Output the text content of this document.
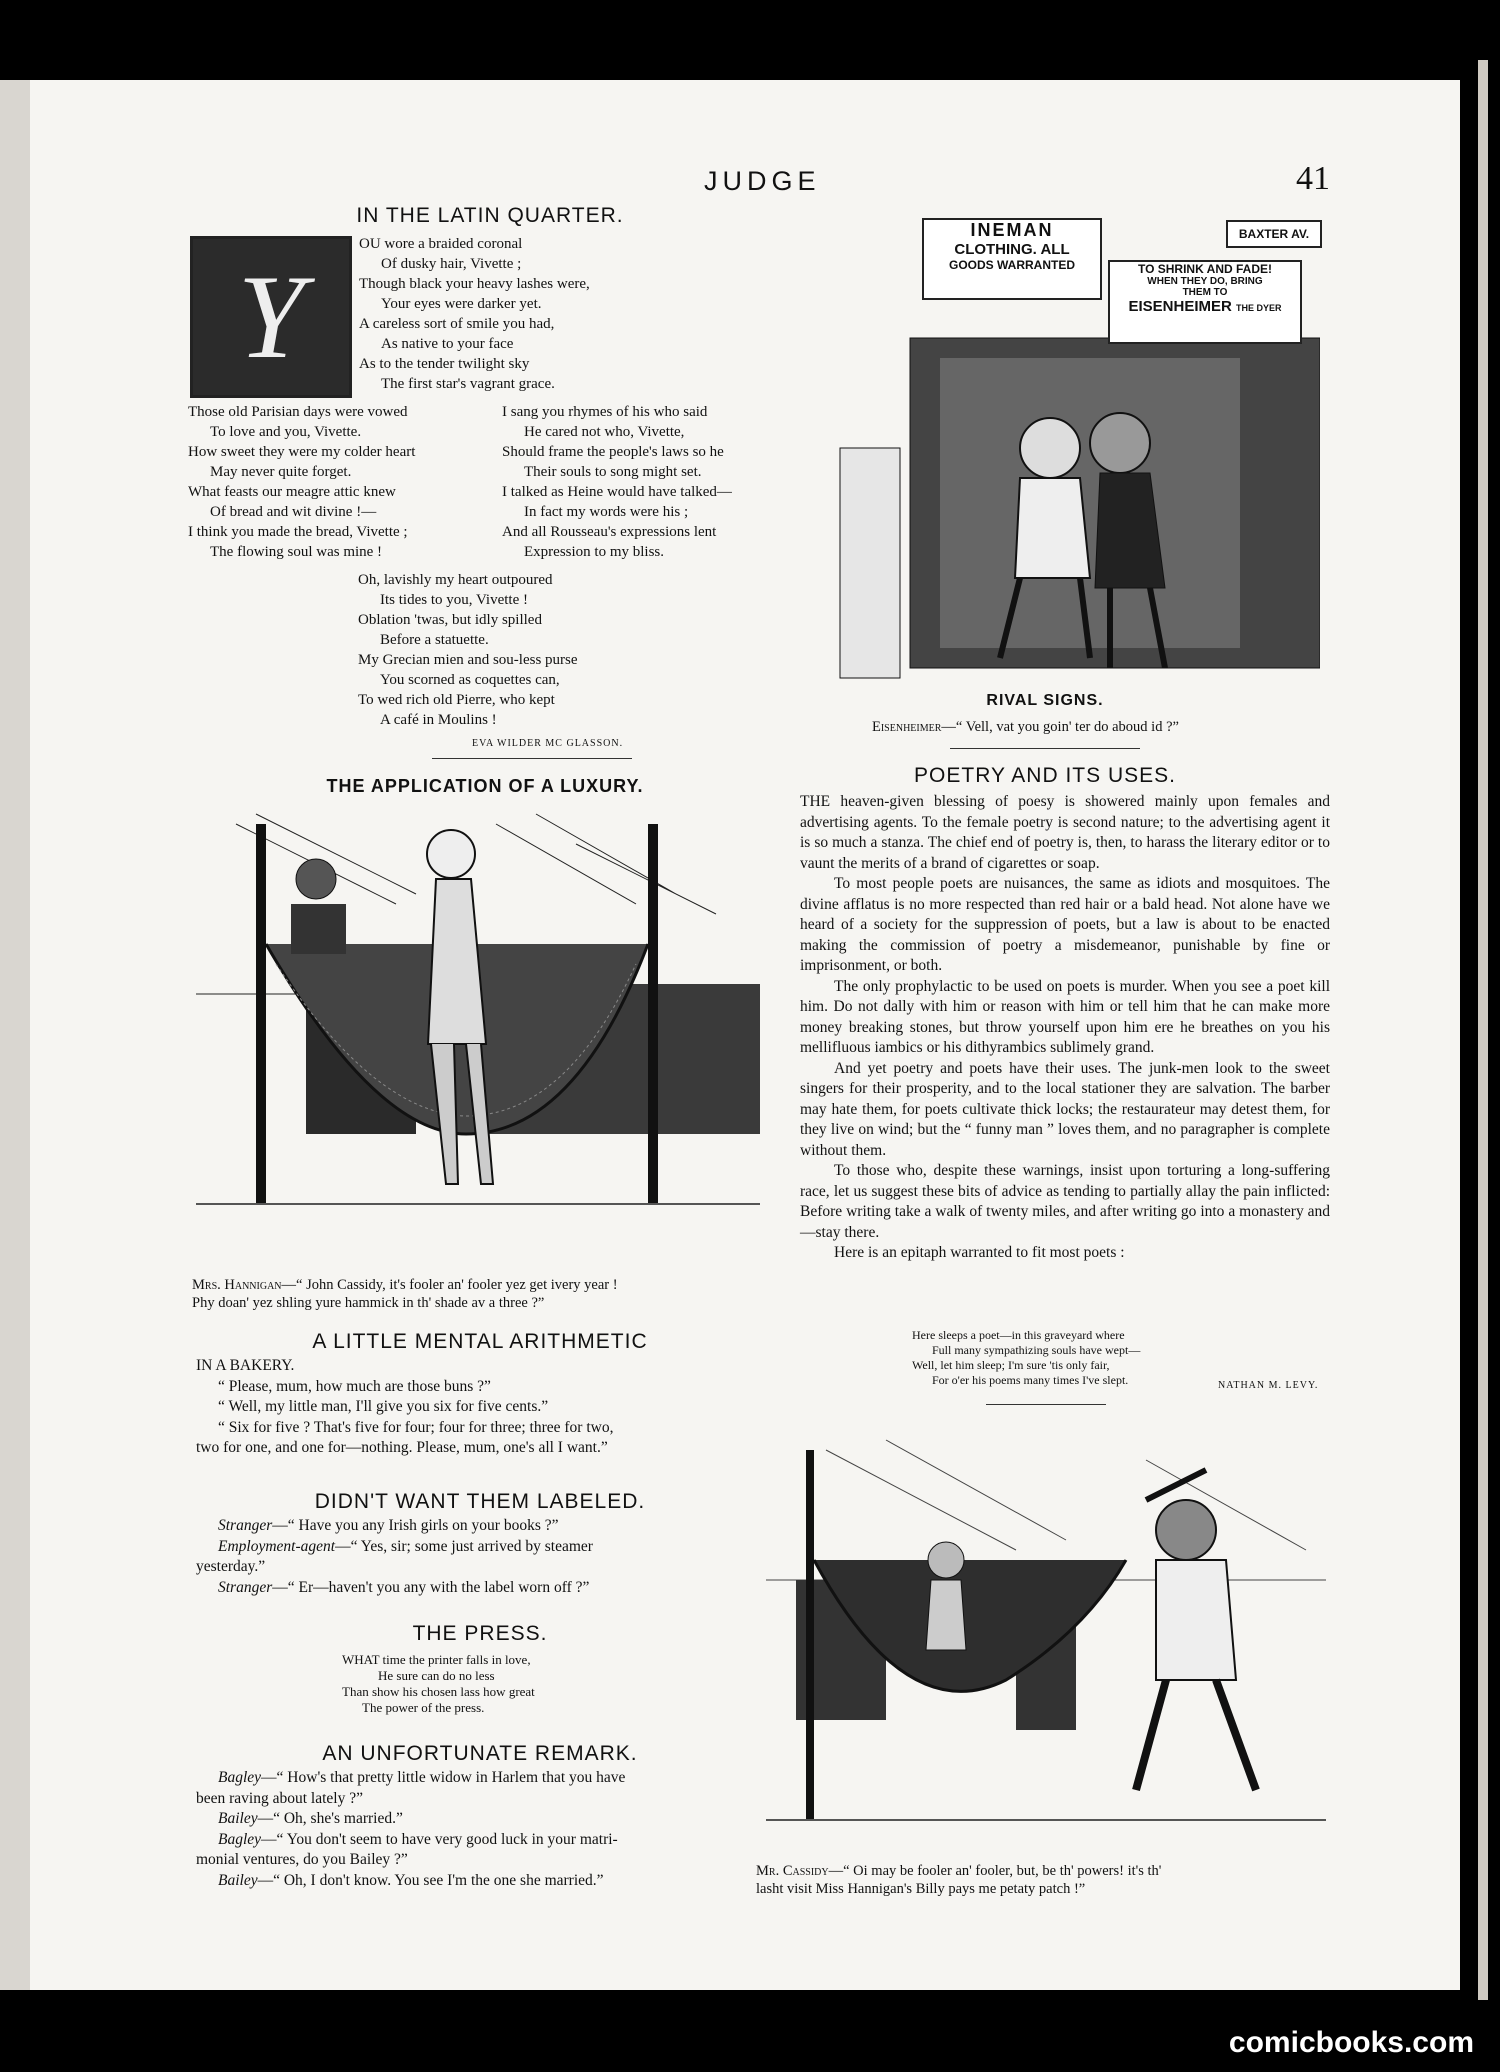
JUDGE	41
IN THE LATIN QUARTER.
Y
OU wore a braided coronal
Of dusky hair, Vivette ;
Though black your heavy lashes were,
Your eyes were darker yet.
A careless sort of smile you had,
As native to your face
As to the tender twilight sky
The first star's vagrant grace.
Those old Parisian days were vowed
To love and you, Vivette.
How sweet they were my colder heart
May never quite forget.
What feasts our meagre attic knew
Of bread and wit divine !—
I think you made the bread, Vivette ;
The flowing soul was mine !
I sang you rhymes of his who said
He cared not who, Vivette,
Should frame the people's laws so he
Their souls to song might set.
I talked as Heine would have talked—
In fact my words were his ;
And all Rousseau's expressions lent
Expression to my bliss.
Oh, lavishly my heart outpoured
Its tides to you, Vivette !
Oblation 'twas, but idly spilled
Before a statuette.
My Grecian mien and sou-less purse
You scorned as coquettes can,
To wed rich old Pierre, who kept
A café in Moulins !
EVA WILDER MC GLASSON.
THE APPLICATION OF A LUXURY.
Mrs. Hannigan—“ John Cassidy, it's fooler an' fooler yez get ivery year !
Phy doan' yez shling yure hammick in th' shade av a three ?”
A LITTLE MENTAL ARITHMETIC
IN A BAKERY.
“ Please, mum, how much are those buns ?”
“ Well, my little man, I'll give you six for five cents.”
“ Six for five ? That's five for four; four for three; three for two,
two for one, and one for—nothing. Please, mum, one's all I want.”
DIDN'T WANT THEM LABELED.
Stranger—“ Have you any Irish girls on your books ?”
Employment-agent—“ Yes, sir; some just arrived by steamer
yesterday.”
Stranger—“ Er—haven't you any with the label worn off ?”
THE PRESS.
WHAT time the printer falls in love,
He sure can do no less
Than show his chosen lass how great
The power of the press.
AN UNFORTUNATE REMARK.
Bagley—“ How's that pretty little widow in Harlem that you have
been raving about lately ?”
Bailey—“ Oh, she's married.”
Bagley—“ You don't seem to have very good luck in your matri-
monial ventures, do you Bailey ?”
Bailey—“ Oh, I don't know. You see I'm the one she married.”
INEMAN
CLOTHING. ALL
GOODS WARRANTED
BAXTER AV.
TO SHRINK AND FADE!
WHEN THEY DO, BRING
THEM TO
EISENHEIMER THE DYER
RIVAL SIGNS.
Eisenheimer—“ Vell, vat you goin' ter do aboud id ?”
POETRY AND ITS USES.

THE heaven-given blessing of poesy is showered mainly upon females and advertising agents. To the female poetry is second nature; to the advertising agent it is so much a stanza. The chief end of poetry is, then, to harass the literary editor or to vaunt the merits of a brand of cigarettes or soap.

To most people poets are nuisances, the same as idiots and mosquitoes. The divine afflatus is no more respected than red hair or a bald head. Not alone have we heard of a society for the suppression of poets, but a law is about to be enacted making the commission of poetry a misdemeanor, punishable by fine or imprisonment, or both.

The only prophylactic to be used on poets is murder. When you see a poet kill him. Do not dally with him or reason with him or tell him that he can make more money breaking stones, but throw yourself upon him ere he breathes on you his mellifluous iambics or his dithyrambics sublimely grand.

And yet poetry and poets have their uses. The junk-men look to the sweet singers for their prosperity, and to the local stationer they are salvation. The barber may hate them, for poets cultivate thick locks; the restaurateur may detest them, for they live on wind; but the “ funny man ” loves them, and no paragrapher is complete without them.

To those who, despite these warnings, insist upon torturing a long-suffering race, let us suggest these bits of advice as tending to partially allay the pain inflicted: Before writing take a walk of twenty miles, and after writing go into a monastery and—stay there.

Here is an epitaph warranted to fit most poets :

Here sleeps a poet—in this graveyard where
Full many sympathizing souls have wept—
Well, let him sleep; I'm sure 'tis only fair,
For o'er his poems many times I've slept.	NATHAN M. LEVY.
Mr. Cassidy—“ Oi may be fooler an' fooler, but, be th' powers! it's th'
lasht visit Miss Hannigan's Billy pays me petaty patch !”
comicbooks.com
